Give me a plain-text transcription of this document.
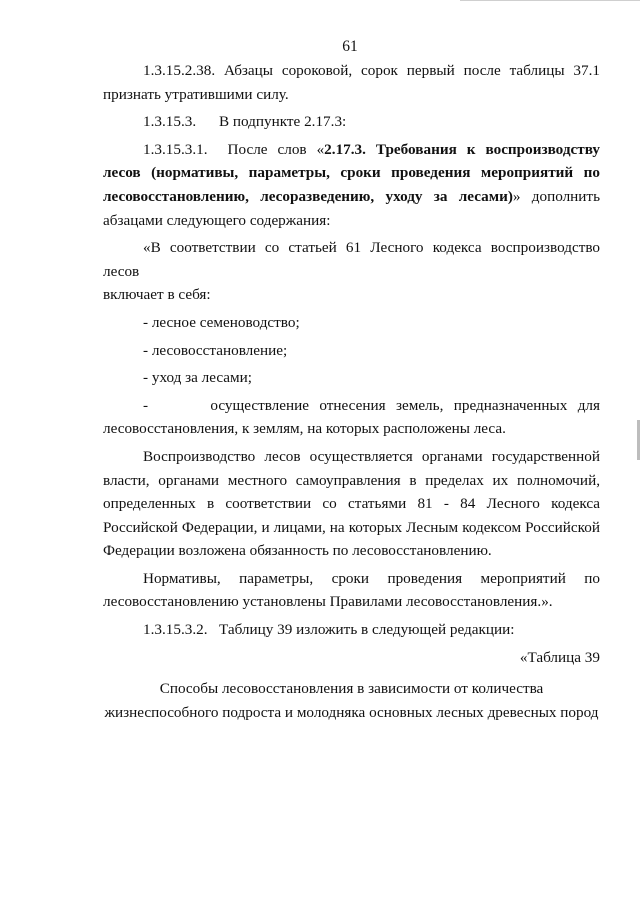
61

1.3.15.2.38. Абзацы сороковой, сорок первый после таблицы 37.1

признать утратившими силу.

1.3.15.3.      В подпункте 2.17.3:

1.3.15.3.1.  После слов «2.17.3. Требования к воспроизводству

лесов (нормативы, параметры, сроки проведения мероприятий по

лесовосстановлению, лесоразведению, уходу за лесами)» дополнить

абзацами следующего содержания:

«В соответствии со статьей 61 Лесного кодекса воспроизводство лесов

включает в себя:

- лесное семеноводство;

- лесовосстановление;

- уход за лесами;

-      осуществление отнесения земель, предназначенных для

лесовосстановления, к землям, на которых расположены леса.

Воспроизводство лесов осуществляется органами государственной

власти, органами местного самоуправления в пределах их полномочий,

определенных в соответствии со статьями 81 - 84 Лесного кодекса

Российской Федерации, и лицами, на которых Лесным кодексом Российской

Федерации возложена обязанность по лесовосстановлению.

Нормативы, параметры, сроки проведения мероприятий по

лесовосстановлению установлены Правилами лесовосстановления.».

1.3.15.3.2.   Таблицу 39 изложить в следующей редакции:

«Таблица 39

Способы лесовосстановления в зависимости от количества

жизнеспособного подроста и молодняка основных лесных древесных пород
